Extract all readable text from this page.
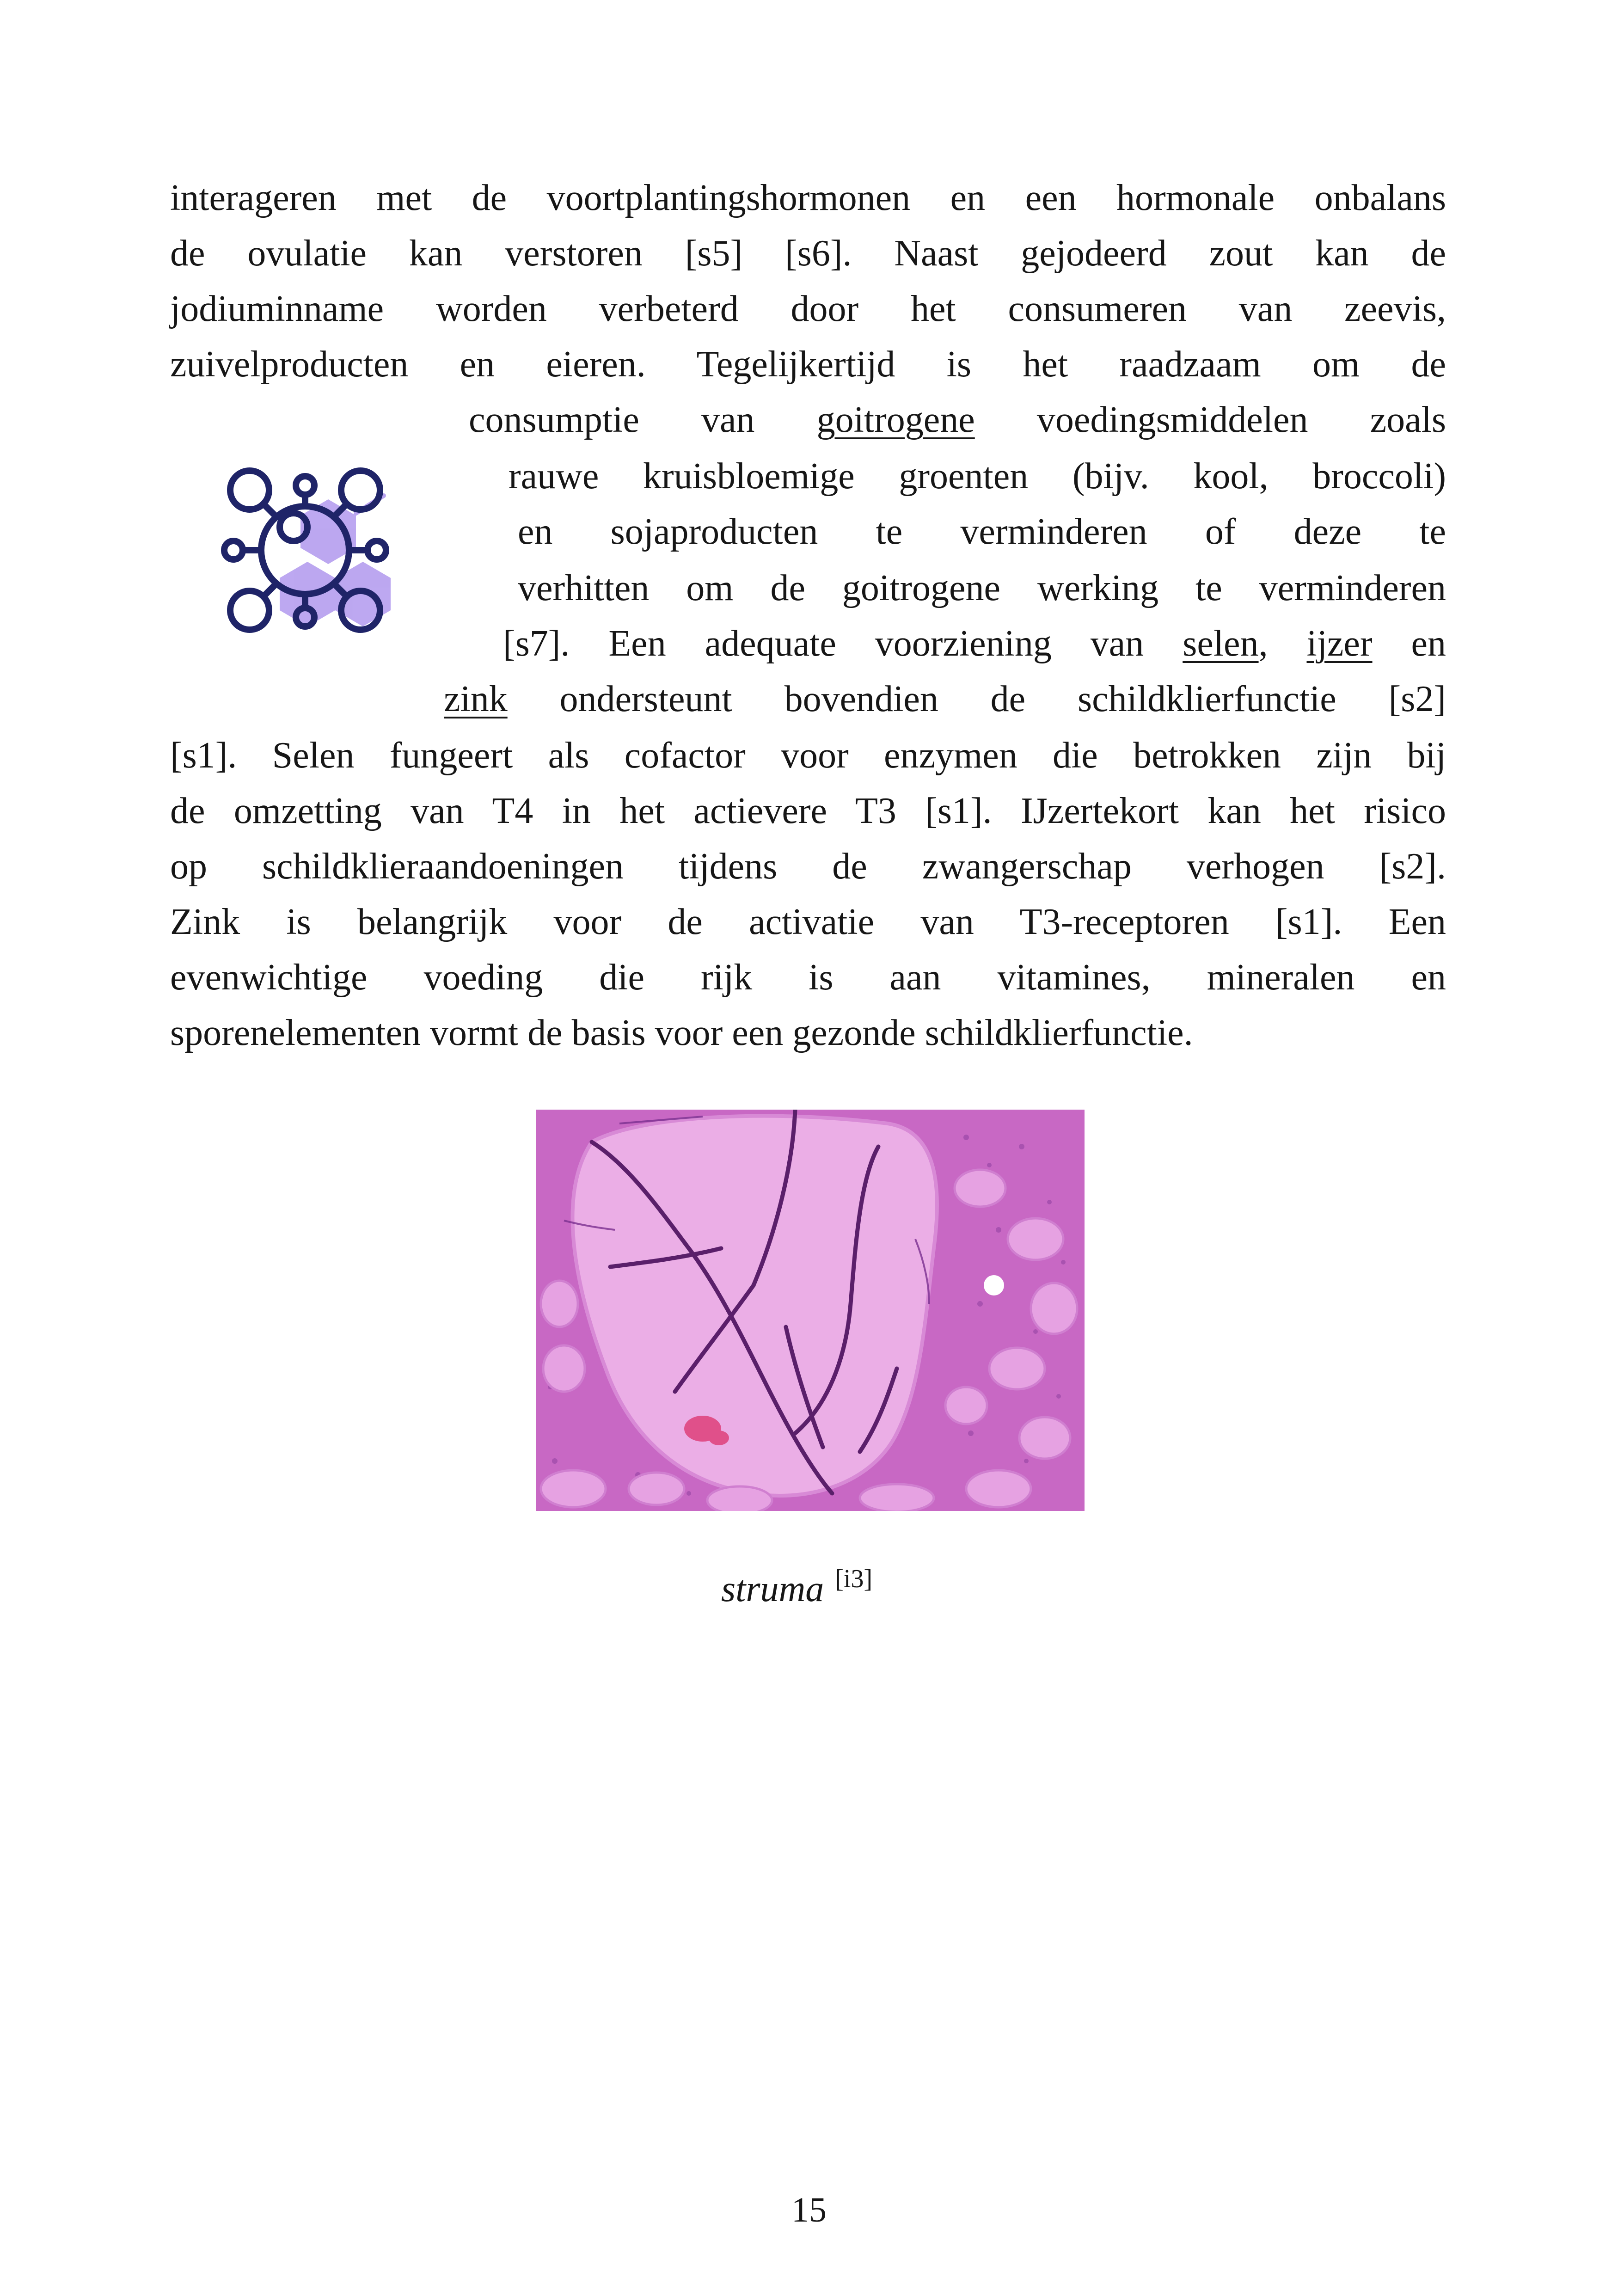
interageren met de voortplantingshormonen en een hormonale onbalans
de ovulatie kan verstoren [s5] [s6]. Naast gejodeerd zout kan de
jodiuminname worden verbeterd door het consumeren van zeevis,
zuivelproducten en eieren. Tegelijkertijd is het raadzaam om de
consumptie van goitrogene voedingsmiddelen zoals
rauwe kruisbloemige groenten (bijv. kool, broccoli)
en sojaproducten te verminderen of deze te
verhitten om de goitrogene werking te verminderen
[s7]. Een adequate voorziening van selen, ijzer en
zink ondersteunt bovendien de schildklierfunctie [s2]
[s1]. Selen fungeert als cofactor voor enzymen die betrokken zijn bij
de omzetting van T4 in het actievere T3 [s1]. IJzertekort kan het risico
op schildklieraandoeningen tijdens de zwangerschap verhogen [s2].
Zink is belangrijk voor de activatie van T3-receptoren [s1]. Een
evenwichtige voeding die rijk is aan vitamines, mineralen en
sporenelementen vormt de basis voor een gezonde schildklierfunctie.
struma [i3]
15
